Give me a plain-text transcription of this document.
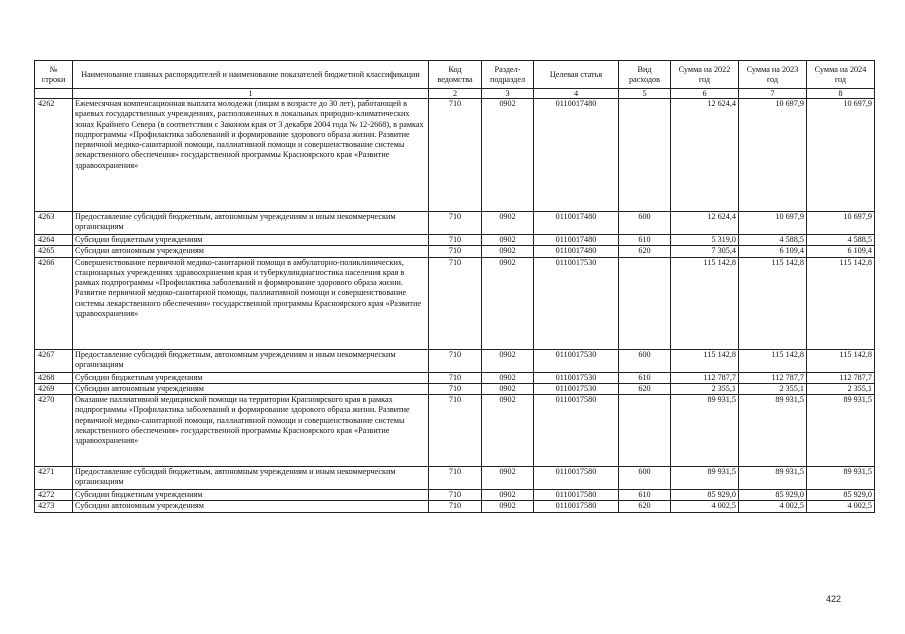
№ строки	Наименование главных распорядителей и наименование показателей бюджетной классификации	Код ведомства	Раздел-подраздел	Целевая статья	Вид расходов	Сумма на 2022 год	Сумма на 2023 год	Сумма на 2024 год
	1	2	3	4	5	6	7	8
4262	Ежемесячная компенсационная выплата молодежи (лицам в возрасте до 30 лет), работающей в краевых государственных учреждениях, расположенных в локальных природно-климатических зонах Крайнего Севера (в соответствии с Законом края от 3 декабря 2004 года № 12-2668), в рамках подпрограммы «Профилактика заболеваний и формирование здорового образа жизни. Развитие первичной медико-санитарной помощи, паллиативной помощи и совершенствование системы лекарственного обеспечения» государственной программы Красноярского края «Развитие здравоохранения»	710	0902	0110017480		12 624,4	10 697,9	10 697,9
4263	Предоставление субсидий бюджетным, автономным учреждениям и иным некоммерческим организациям	710	0902	0110017480	600	12 624,4	10 697,9	10 697,9
4264	Субсидии бюджетным учреждениям	710	0902	0110017480	610	5 319,0	4 588,5	4 588,5
4265	Субсидии автономным учреждениям	710	0902	0110017480	620	7 305,4	6 109,4	6 109,4
4266	Совершенствование первичной медико-санитарной помощи в амбулаторно-поликлинических, стационарных учреждениях здравоохранения края и туберкулиндиагностика населения края в рамках подпрограммы «Профилактика заболеваний и формирование здорового образа жизни. Развитие первичной медико-санитарной помощи, паллиативной помощи и совершенствование системы лекарственного обеспечения» государственной программы Красноярского края «Развитие здравоохранения»	710	0902	0110017530		115 142,8	115 142,8	115 142,8
4267	Предоставление субсидий бюджетным, автономным учреждениям и иным некоммерческим организациям	710	0902	0110017530	600	115 142,8	115 142,8	115 142,8
4268	Субсидии бюджетным учреждениям	710	0902	0110017530	610	112 787,7	112 787,7	112 787,7
4269	Субсидии автономным учреждениям	710	0902	0110017530	620	2 355,1	2 355,1	2 355,1
4270	Оказание паллиативной медицинской помощи на территории Красноярского края в рамках подпрограммы «Профилактика заболеваний и формирование здорового образа жизни. Развитие первичной медико-санитарной помощи, паллиативной помощи и совершенствование системы лекарственного обеспечения» государственной программы Красноярского края «Развитие здравоохранения»	710	0902	0110017580		89 931,5	89 931,5	89 931,5
4271	Предоставление субсидий бюджетным, автономным учреждениям и иным некоммерческим организациям	710	0902	0110017580	600	89 931,5	89 931,5	89 931,5
4272	Субсидии бюджетным учреждениям	710	0902	0110017580	610	85 929,0	85 929,0	85 929,0
4273	Субсидии автономным учреждениям	710	0902	0110017580	620	4 002,5	4 002,5	4 002,5
422
